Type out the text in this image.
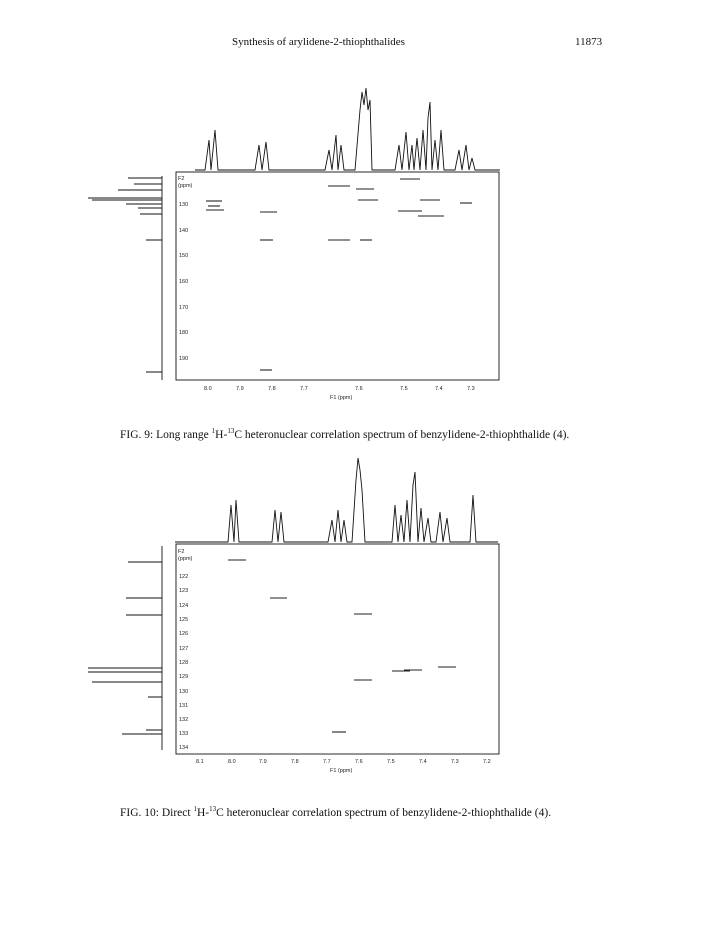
Synthesis of arylidene-2-thiophthalides	11873
F2
(ppm)
130
140
150
160
170
180
190
8.0	7.9	7.8	7.7	7.6	7.5	7.4	7.3
F1 (ppm)
FIG. 9: Long range $^1$H-$^{13}$C heteronuclear correlation spectrum of benzylidene-2-thiophthalide (4).
F2
(ppm)
122
123
124
125
126
127
128
129
130
131
132
133
134
8.1	8.0	7.9	7.8	7.7	7.6	7.5	7.4	7.3	7.2
F1 (ppm)
FIG. 10: Direct $^1$H-$^{13}$C heteronuclear correlation spectrum of benzylidene-2-thiophthalide (4).
